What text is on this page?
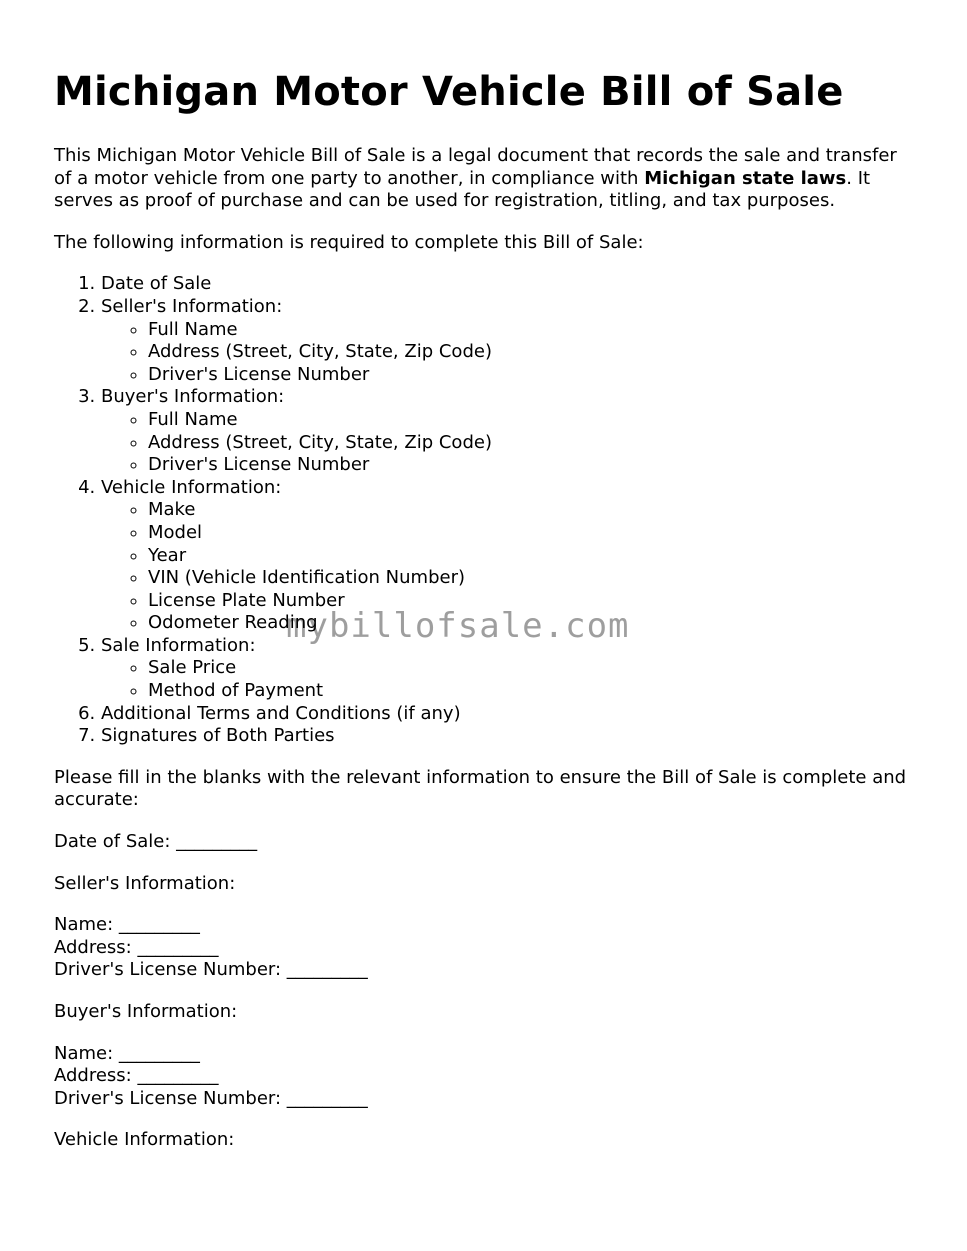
Michigan Motor Vehicle Bill of Sale

This Michigan Motor Vehicle Bill of Sale is a legal document that records the sale and transfer of a motor vehicle from one party to another, in compliance with Michigan state laws. It serves as proof of purchase and can be used for registration, titling, and tax purposes.

The following information is required to complete this Bill of Sale:

1. Date of Sale
2. Seller's Information:
◦ Full Name
◦ Address (Street, City, State, Zip Code)
◦ Driver's License Number
3. Buyer's Information:
◦ Full Name
◦ Address (Street, City, State, Zip Code)
◦ Driver's License Number
4. Vehicle Information:
◦ Make
◦ Model
◦ Year
◦ VIN (Vehicle Identification Number)
◦ License Plate Number
◦ Odometer Reading
5. Sale Information:
◦ Sale Price
◦ Method of Payment
6. Additional Terms and Conditions (if any)
7. Signatures of Both Parties

Please fill in the blanks with the relevant information to ensure the Bill of Sale is complete and accurate:

Date of Sale: _________

Seller's Information:

Name: _________
Address: _________
Driver's License Number: _________

Buyer's Information:

Name: _________
Address: _________
Driver's License Number: _________

Vehicle Information:

mybillofsale.com
